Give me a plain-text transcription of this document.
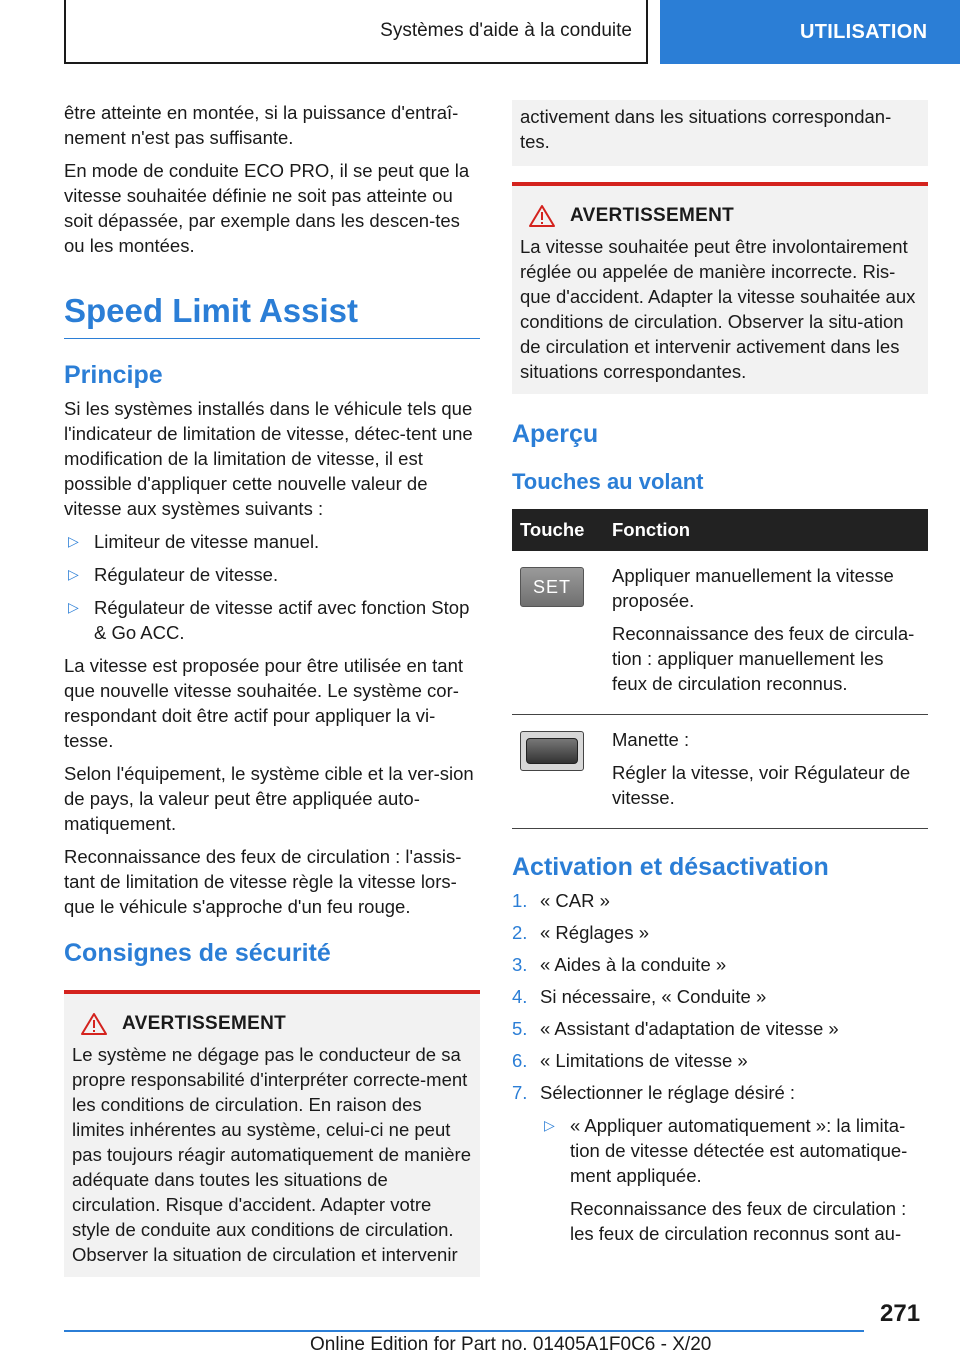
Systèmes d'aide à la conduite	UTILISATION

être atteinte en montée, si la puissance d'entraî-nement n'est pas suffisante.

En mode de conduite ECO PRO, il se peut que la vitesse souhaitée définie ne soit pas atteinte ou soit dépassée, par exemple dans les descen-tes ou les montées.

Speed Limit Assist
Principe

Si les systèmes installés dans le véhicule tels que l'indicateur de limitation de vitesse, détec-tent une modification de la limitation de vitesse, il est possible d'appliquer cette nouvelle valeur de vitesse aux systèmes suivants :

▷ Limiteur de vitesse manuel.
▷ Régulateur de vitesse.
▷ Régulateur de vitesse actif avec fonction Stop & Go ACC.

La vitesse est proposée pour être utilisée en tant que nouvelle vitesse souhaitée. Le système cor-respondant doit être actif pour appliquer la vi-tesse.

Selon l'équipement, le système cible et la ver-sion de pays, la valeur peut être appliquée auto-matiquement.

Reconnaissance des feux de circulation : l'assis-tant de limitation de vitesse règle la vitesse lors-que le véhicule s'approche d'un feu rouge.

Consignes de sécurité
AVERTISSEMENT

Le système ne dégage pas le conducteur de sa propre responsabilité d'interpréter correcte-ment les conditions de circulation. En raison des limites inhérentes au système, celui-ci ne peut pas toujours réagir automatiquement de manière adéquate dans toutes les situations de circulation. Risque d'accident. Adapter votre style de conduite aux conditions de circulation. Observer la situation de circulation et intervenir

activement dans les situations correspondan-tes.

AVERTISSEMENT

La vitesse souhaitée peut être involontairement réglée ou appelée de manière incorrecte. Ris-que d'accident. Adapter la vitesse souhaitée aux conditions de circulation. Observer la situ-ation de circulation et intervenir activement dans les situations correspondantes.

Aperçu
Touches au volant
Touche	Fonction

SET	Appliquer manuellement la vitesse proposée.

Reconnaissance des feux de circula-tion : appliquer manuellement les feux de circulation reconnus.

	Manette :

Régler la vitesse, voir Régulateur de vitesse.

Activation et désactivation
1. « CAR »
2. « Réglages »
3. « Aides à la conduite »
4. Si nécessaire, « Conduite »
5. « Assistant d'adaptation de vitesse »
6. « Limitations de vitesse »
7. Sélectionner le réglage désiré :
▷ « Appliquer automatiquement »: la limita-tion de vitesse détectée est automatique-ment appliquée.

Reconnaissance des feux de circulation : les feux de circulation reconnus sont au-

271
Online Edition for Part no. 01405A1F0C6 - X/20
